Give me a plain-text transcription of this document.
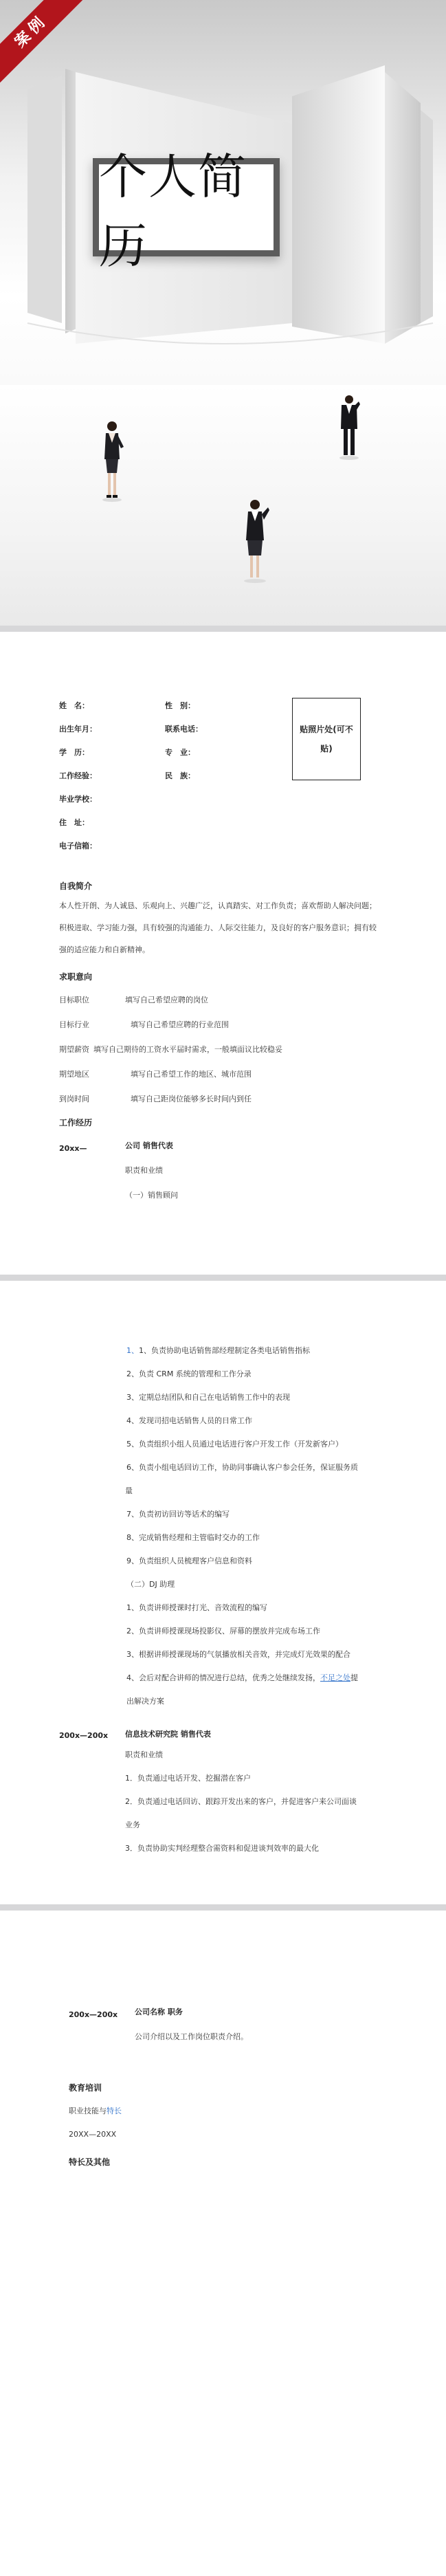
个人简历
案例
姓　名：	性　别：
出生年月：	联系电话：
学　历：	专　业：
工作经验：	民　族：
毕业学校：
住　址：
电子信箱：
贴照片处(可不贴)
自我简介
本人性开朗、为人诚恳、乐观向上、兴趣广泛，认真踏实、对工作负责；喜欢帮助人解决问题；积极进取、学习能力强，具有较强的沟通能力、人际交往能力，及良好的客户服务意识；拥有较强的适应能力和自新精神。
求职意向
目标职位	填写自己希望应聘的岗位
目标行业	填写自己希望应聘的行业范围
期望薪资 填写自己期待的工资水平届时需求，一般填面议比较稳妥
期望地区	填写自己希望工作的地区、城市范围
到岗时间	填写自己距岗位能够多长时间内到任
工作经历
20xx—	公司 销售代表
职责和业绩
（一）销售顾问
1、1、负责协助电话销售部经理制定各类电话销售指标
2、负责 CRM 系统的管理和工作分录
3、定期总结团队和自己在电话销售工作中的表现
4、发现司招电话销售人员的日常工作
5、负责组织小组人员通过电话进行客户开发工作（开发新客户）
6、负责小组电话回访工作，协助同事确认客户参会任务，保证服务质
量
7、负责初访回访等话术的编写
8、完成销售经理和主管临时交办的工作
9、负责组织人员梳理客户信息和资料
（二）DJ 助理
1、负责讲师授课时打光、音效流程的编写
2、负责讲师授课现场投影仪、屏幕的摆放并完成布场工作
3、根据讲师授课现场的气氛播放相关音效，并完成灯光效果的配合
4、会后对配合讲师的情况进行总结，优秀之处继续发扬，不足之处提
出解决方案
200x—200x 信息技术研究院 销售代表
职责和业绩
1．负责通过电话开发、挖掘潜在客户
2．负责通过电话回访、跟踪开发出来的客户，并促进客户来公司面谈
业务
3．负责协助实判经理整合需资料和促进谈判效率的最大化
200x—200x 公司名称 职务
公司介绍以及工作岗位职责介绍。
教育培训
职业技能与特长
20XX—20XX
特长及其他
